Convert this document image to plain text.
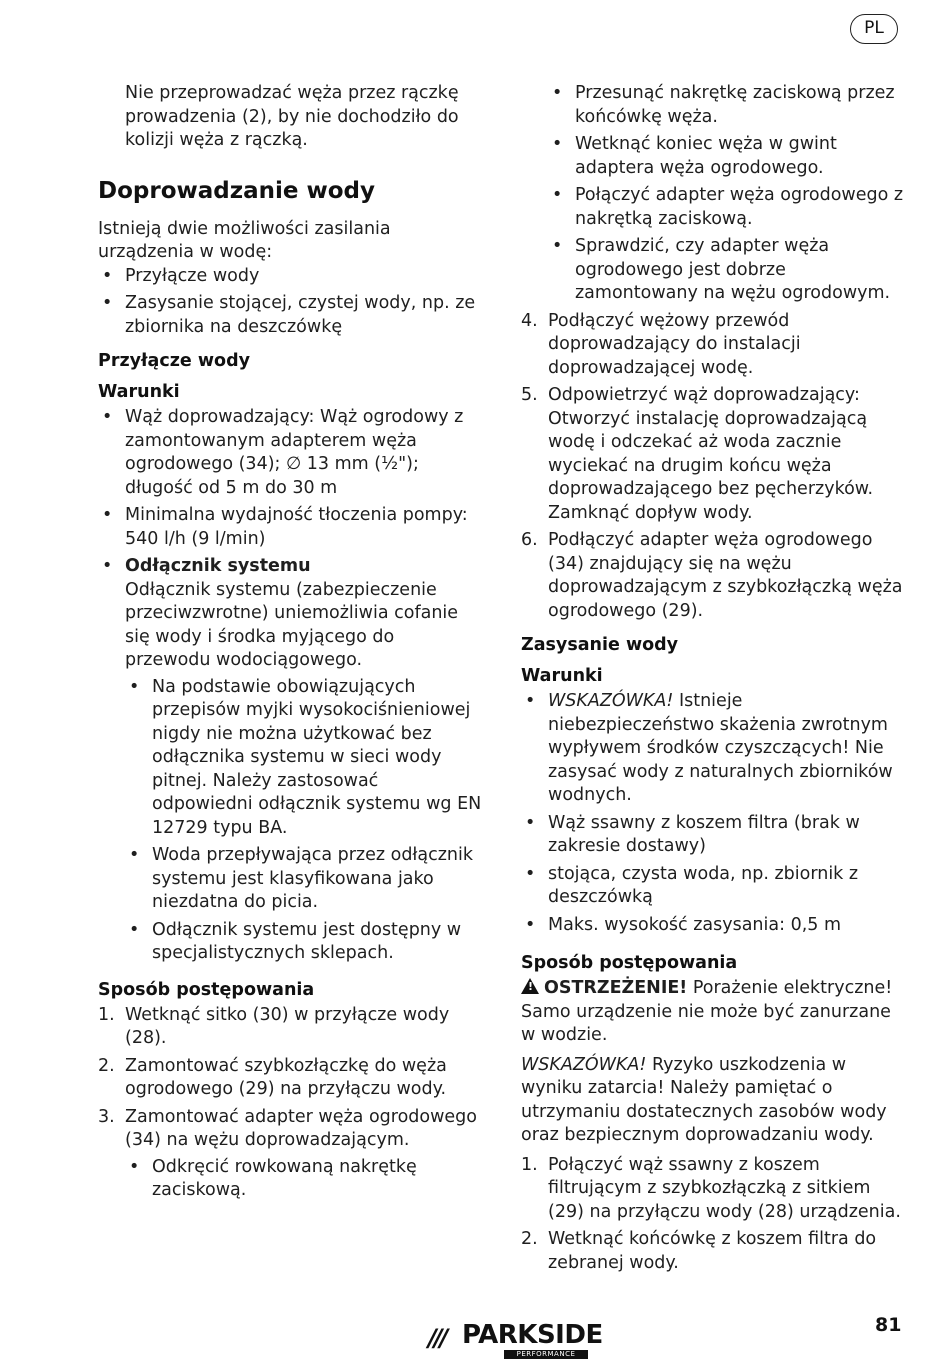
PL

Nie przeprowadzać węża przez rączkę prowadzenia (2), by nie dochodziło do kolizji węża z rączką.

Doprowadzanie wody

Istnieją dwie możliwości zasilania urządzenia w wodę:

• Przyłącze wody
• Zasysanie stojącej, czystej wody, np. ze zbiornika na deszczówkę
Przyłącze wody
Warunki
• Wąż doprowadzający: Wąż ogrodowy z zamontowanym adapterem węża ogrodowego (34); ∅ 13 mm (½"); długość od 5 m do 30 m
• Minimalna wydajność tłoczenia pompy: 540 l/h (9 l/min)
• Odłącznik systemu
Odłącznik systemu (zabezpieczenie przeciwzwrotne) uniemożliwia cofanie się wody i środka myjącego do przewodu wodociągowego.
• Na podstawie obowiązujących przepisów myjki wysokociśnieniowej nigdy nie można użytkować bez odłącznika systemu w sieci wody pitnej. Należy zastosować odpowiedni odłącznik systemu wg EN 12729 typu BA.
• Woda przepływająca przez odłącznik systemu jest klasyfikowana jako niezdatna do picia.
• Odłącznik systemu jest dostępny w specjalistycznych sklepach.
Sposób postępowania
1. Wetknąć sitko (30) w przyłącze wody (28).
2. Zamontować szybkozłączkę do węża ogrodowego (29) na przyłączu wody.
3. Zamontować adapter węża ogrodowego (34) na wężu doprowadzającym.
• Odkręcić rowkowaną nakrętkę zaciskową.
• Przesunąć nakrętkę zaciskową przez końcówkę węża.
• Wetknąć koniec węża w gwint adaptera węża ogrodowego.
• Połączyć adapter węża ogrodowego z nakrętką zaciskową.
• Sprawdzić, czy adapter węża ogrodowego jest dobrze zamontowany na wężu ogrodowym.
4. Podłączyć wężowy przewód doprowadzający do instalacji doprowadzającej wodę.
5. Odpowietrzyć wąż doprowadzający: Otworzyć instalację doprowadzającą wodę i odczekać aż woda zacznie wyciekać na drugim końcu węża doprowadzającego bez pęcherzyków. Zamknąć dopływ wody.
6. Podłączyć adapter węża ogrodowego (34) znajdujący się na wężu doprowadzającym z szybkozłączką węża ogrodowego (29).
Zasysanie wody
Warunki
• WSKAZÓWKA! Istnieje niebezpieczeństwo skażenia zwrotnym wypływem środków czyszczących! Nie zasysać wody z naturalnych zbiorników wodnych.
• Wąż ssawny z koszem filtra (brak w zakresie dostawy)
• stojąca, czysta woda, np. zbiornik z deszczówką
• Maks. wysokość zasysania: 0,5 m
Sposób postępowania

!OSTRZEŻENIE! Porażenie elektryczne! Samo urządzenie nie może być zanurzane w wodzie.

WSKAZÓWKA! Ryzyko uszkodzenia w wyniku zatarcia! Należy pamiętać o utrzymaniu dostatecznych zasobów wody oraz bezpiecznym doprowadzaniu wody.

1. Połączyć wąż ssawny z koszem filtrującym z szybkozłączką z sitkiem (29) na przyłączu wody (28) urządzenia.
2. Wetknąć końcówkę z koszem filtra do zebranej wody.
/// PARKSIDE
PERFORMANCE
81
